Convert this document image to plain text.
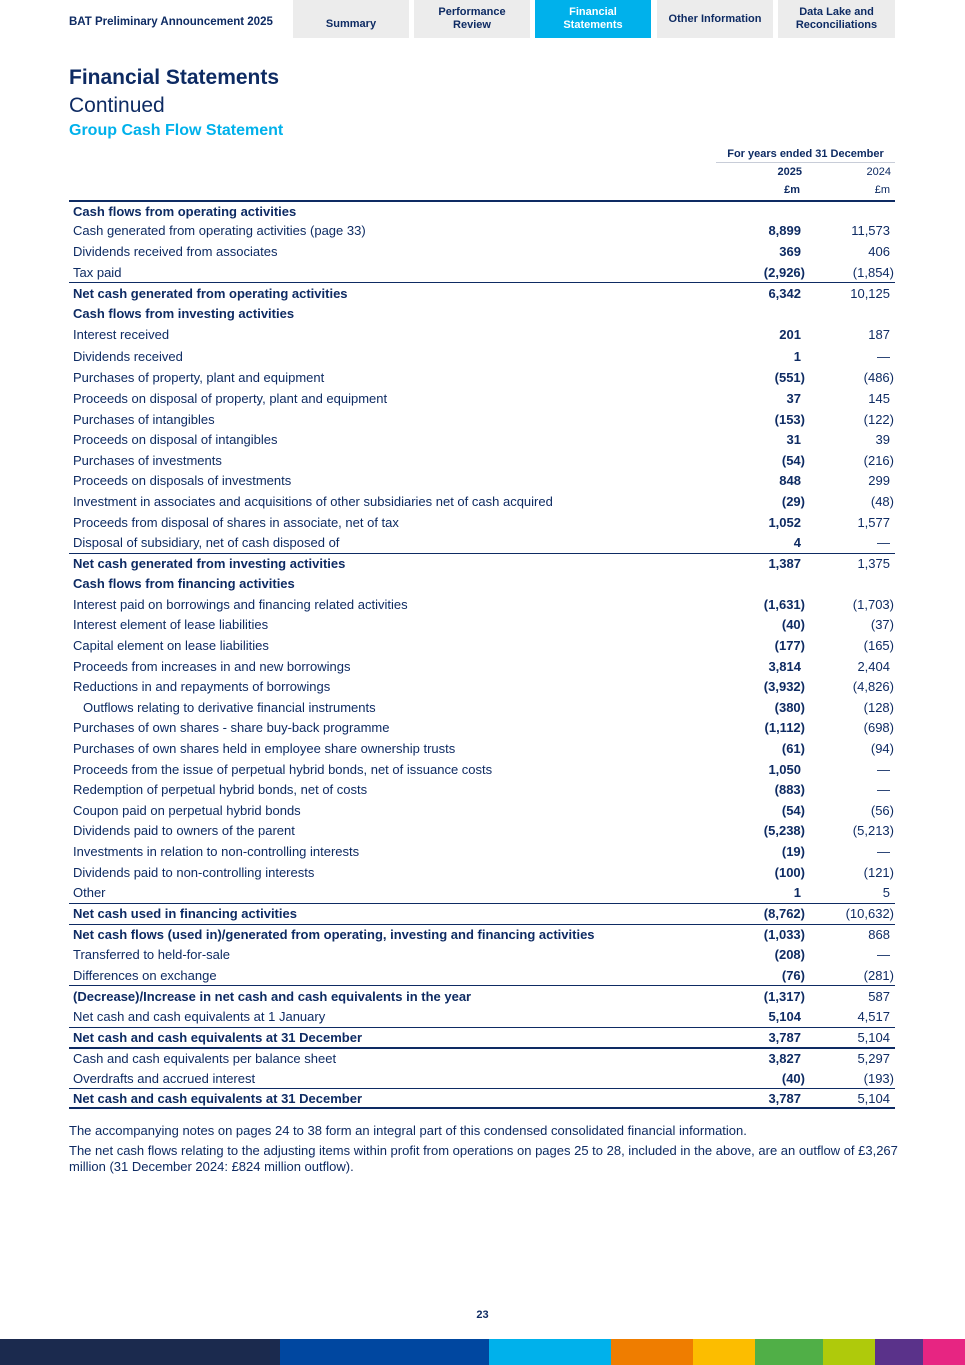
BAT Preliminary Announcement 2025	Summary
Performance Review
Financial Statements
Other Information
Data Lake and Reconciliations
Financial Statements
Continued
Group Cash Flow Statement
For years ended 31 December
2025	2024
£m	£m
Cash flows from operating activities
Cash generated from operating activities (page 33)	8,899	11,573
Dividends received from associates	369	406
Tax paid	(2,926)	(1,854)
Net cash generated from operating activities	6,342	10,125
Cash flows from investing activities
Interest received	201	187
Dividends received	1	—
Purchases of property, plant and equipment	(551)	(486)
Proceeds on disposal of property, plant and equipment	37	145
Purchases of intangibles	(153)	(122)
Proceeds on disposal of intangibles	31	39
Purchases of investments	(54)	(216)
Proceeds on disposals of investments	848	299
Investment in associates and acquisitions of other subsidiaries net of cash acquired	(29)	(48)
Proceeds from disposal of shares in associate, net of tax	1,052	1,577
Disposal of subsidiary, net of cash disposed of	4	—
Net cash generated from investing activities	1,387	1,375
Cash flows from financing activities
Interest paid on borrowings and financing related activities	(1,631)	(1,703)
Interest element of lease liabilities	(40)	(37)
Capital element on lease liabilities	(177)	(165)
Proceeds from increases in and new borrowings	3,814	2,404
Reductions in and repayments of borrowings	(3,932)	(4,826)
Outflows relating to derivative financial instruments	(380)	(128)
Purchases of own shares - share buy-back programme	(1,112)	(698)
Purchases of own shares held in employee share ownership trusts	(61)	(94)
Proceeds from the issue of perpetual hybrid bonds, net of issuance costs	1,050	—
Redemption of perpetual hybrid bonds, net of costs	(883)	—
Coupon paid on perpetual hybrid bonds	(54)	(56)
Dividends paid to owners of the parent	(5,238)	(5,213)
Investments in relation to non-controlling interests	(19)	—
Dividends paid to non-controlling interests	(100)	(121)
Other	1	5
Net cash used in financing activities	(8,762)	(10,632)
Net cash flows (used in)/generated from operating, investing and financing activities	(1,033)	868
Transferred to held-for-sale	(208)	—
Differences on exchange	(76)	(281)
(Decrease)/Increase in net cash and cash equivalents in the year	(1,317)	587
Net cash and cash equivalents at 1 January	5,104	4,517
Net cash and cash equivalents at 31 December	3,787	5,104
Cash and cash equivalents per balance sheet	3,827	5,297
Overdrafts and accrued interest	(40)	(193)
Net cash and cash equivalents at 31 December	3,787	5,104
The accompanying notes on pages 24 to 38 form an integral part of this condensed consolidated financial information.
The net cash flows relating to the adjusting items within profit from operations on pages 25 to 28, included in the above, are an outflow of £3,267 million (31 December 2024: £824 million outflow).
23
